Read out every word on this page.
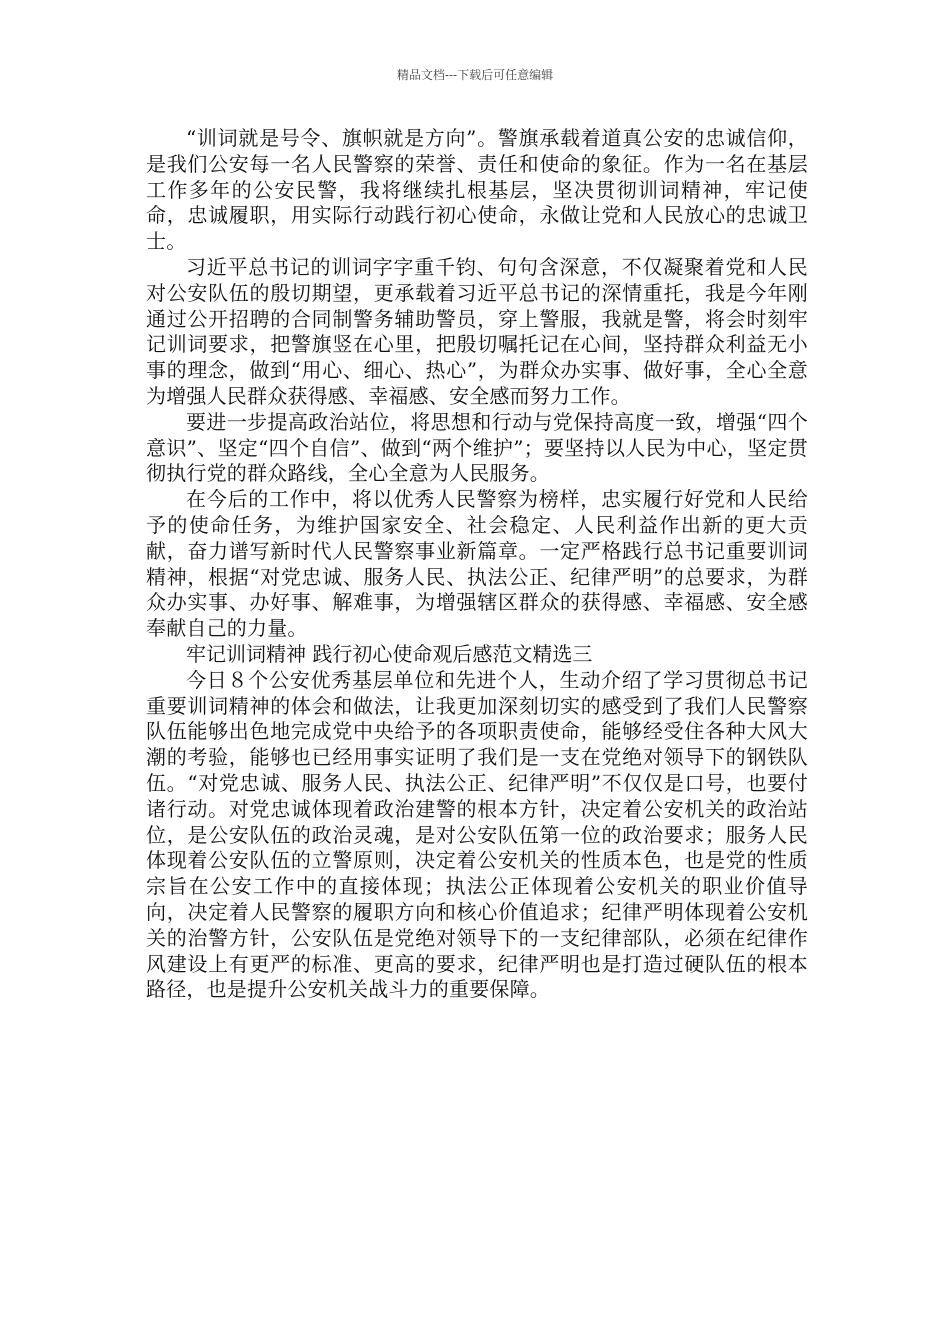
精品文档---下载后可任意编辑

“训词就是号令、旗帜就是方向”。警旗承载着道真公安的忠诚信仰，是我们公安每一名人民警察的荣誉、责任和使命的象征。作为一名在基层工作多年的公安民警，我将继续扎根基层，坚决贯彻训词精神，牢记使命，忠诚履职，用实际行动践行初心使命，永做让党和人民放心的忠诚卫士。

习近平总书记的训词字字重千钧、句句含深意，不仅凝聚着党和人民对公安队伍的殷切期望，更承载着习近平总书记的深情重托，我是今年刚通过公开招聘的合同制警务辅助警员，穿上警服，我就是警，将会时刻牢记训词要求，把警旗竖在心里，把殷切嘱托记在心间，坚持群众利益无小事的理念，做到“用心、细心、热心”，为群众办实事、做好事，全心全意为增强人民群众获得感、幸福感、安全感而努力工作。

要进一步提高政治站位，将思想和行动与党保持高度一致，增强“四个意识”、坚定“四个自信”、做到“两个维护”；要坚持以人民为中心，坚定贯彻执行党的群众路线，全心全意为人民服务。

在今后的工作中，将以优秀人民警察为榜样，忠实履行好党和人民给予的使命任务，为维护国家安全、社会稳定、人民利益作出新的更大贡献，奋力谱写新时代人民警察事业新篇章。一定严格践行总书记重要训词精神，根据“对党忠诚、服务人民、执法公正、纪律严明”的总要求，为群众办实事、办好事、解难事，为增强辖区群众的获得感、幸福感、安全感奉献自己的力量。

牢记训词精神 践行初心使命观后感范文精选三

今日８个公安优秀基层单位和先进个人，生动介绍了学习贯彻总书记重要训词精神的体会和做法，让我更加深刻切实的感受到了我们人民警察队伍能够出色地完成党中央给予的各项职责使命，能够经受住各种大风大潮的考验，能够也已经用事实证明了我们是一支在党绝对领导下的钢铁队伍。“对党忠诚、服务人民、执法公正、纪律严明”不仅仅是口号，也要付诸行动。对党忠诚体现着政治建警的根本方针，决定着公安机关的政治站位，是公安队伍的政治灵魂，是对公安队伍第一位的政治要求；服务人民体现着公安队伍的立警原则，决定着公安机关的性质本色，也是党的性质宗旨在公安工作中的直接体现；执法公正体现着公安机关的职业价值导向，决定着人民警察的履职方向和核心价值追求；纪律严明体现着公安机关的治警方针，公安队伍是党绝对领导下的一支纪律部队，必须在纪律作风建设上有更严的标准、更高的要求，纪律严明也是打造过硬队伍的根本路径，也是提升公安机关战斗力的重要保障。
